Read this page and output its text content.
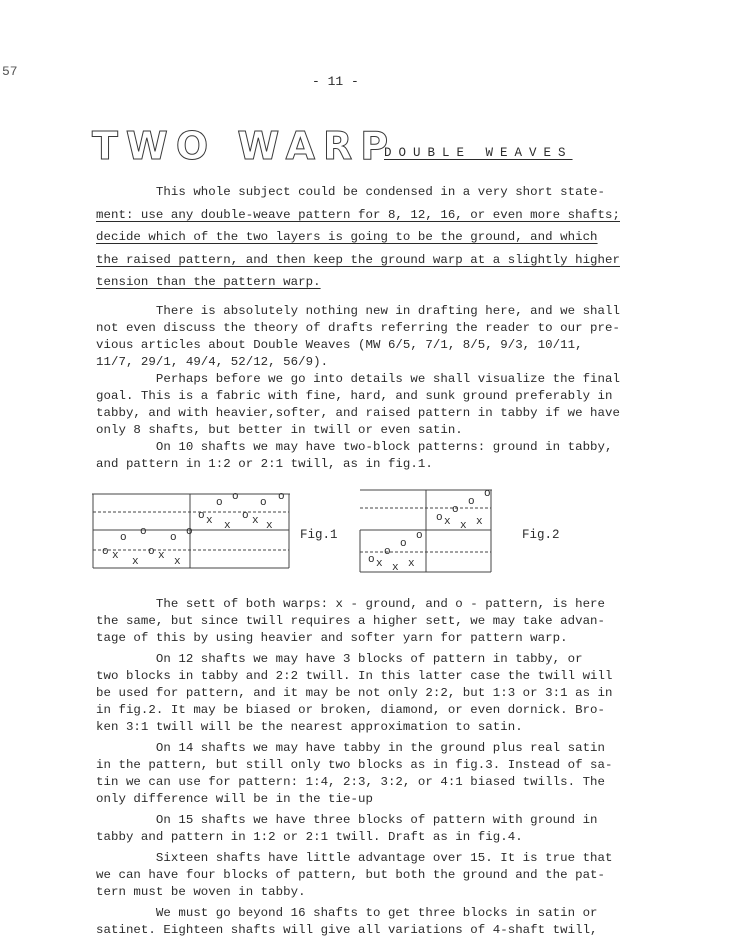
57
- 11 -
TWO WARP
DOUBLE WEAVES
This whole subject could be condensed in a very short state-
ment: use any double-weave pattern for 8, 12, 16, or even more shafts;
decide which of the two layers is going to be the ground, and which
the raised pattern, and then keep the ground warp at a slightly higher
tension than the pattern warp.
There is absolutely nothing new in drafting here, and we shall
not even discuss the theory of drafts referring the reader to our pre-
vious articles about Double Weaves (MW 6/5, 7/1, 8/5, 9/3, 10/11,
11/7, 29/1, 49/4, 52/12, 56/9).
Perhaps before we go into details we shall visualize the final
goal. This is a fabric with fine, hard, and sunk ground preferably in
tabby, and with heavier,softer, and raised pattern in tabby if we have
only 8 shafts, but better in twill or even satin.
On 10 shafts we may have two-block patterns: ground in tabby,
and pattern in 1:2 or 2:1 twill, as in fig.1.
o o o o
o	o
x x x x
o o o o
o	o
x x x x
Fig.1
o
o
o
o x x x
o
o
o
o x x x
Fig.2
The sett of both warps: x - ground, and o - pattern, is here
the same, but since twill requires a higher sett, we may take advan-
tage of this by using heavier and softer yarn for pattern warp.
On 12 shafts we may have 3 blocks of pattern in tabby, or
two blocks in tabby and 2:2 twill. In this latter case the twill will
be used for pattern, and it may be not only 2:2, but 1:3 or 3:1 as in
in fig.2. It may be biased or broken, diamond, or even dornick. Bro-
ken 3:1 twill will be the nearest approximation to satin.
On 14 shafts we may have tabby in the ground plus real satin
in the pattern, but still only two blocks as in fig.3. Instead of sa-
tin we can use for pattern: 1:4, 2:3, 3:2, or 4:1 biased twills. The
only difference will be in the tie-up
On 15 shafts we have three blocks of pattern with ground in
tabby and pattern in 1:2 or 2:1 twill. Draft as in fig.4.
Sixteen shafts have little advantage over 15. It is true that
we can have four blocks of pattern, but both the ground and the pat-
tern must be woven in tabby.
We must go beyond 16 shafts to get three blocks in satin or
satinet. Eighteen shafts will give all variations of 4-shaft twill,
